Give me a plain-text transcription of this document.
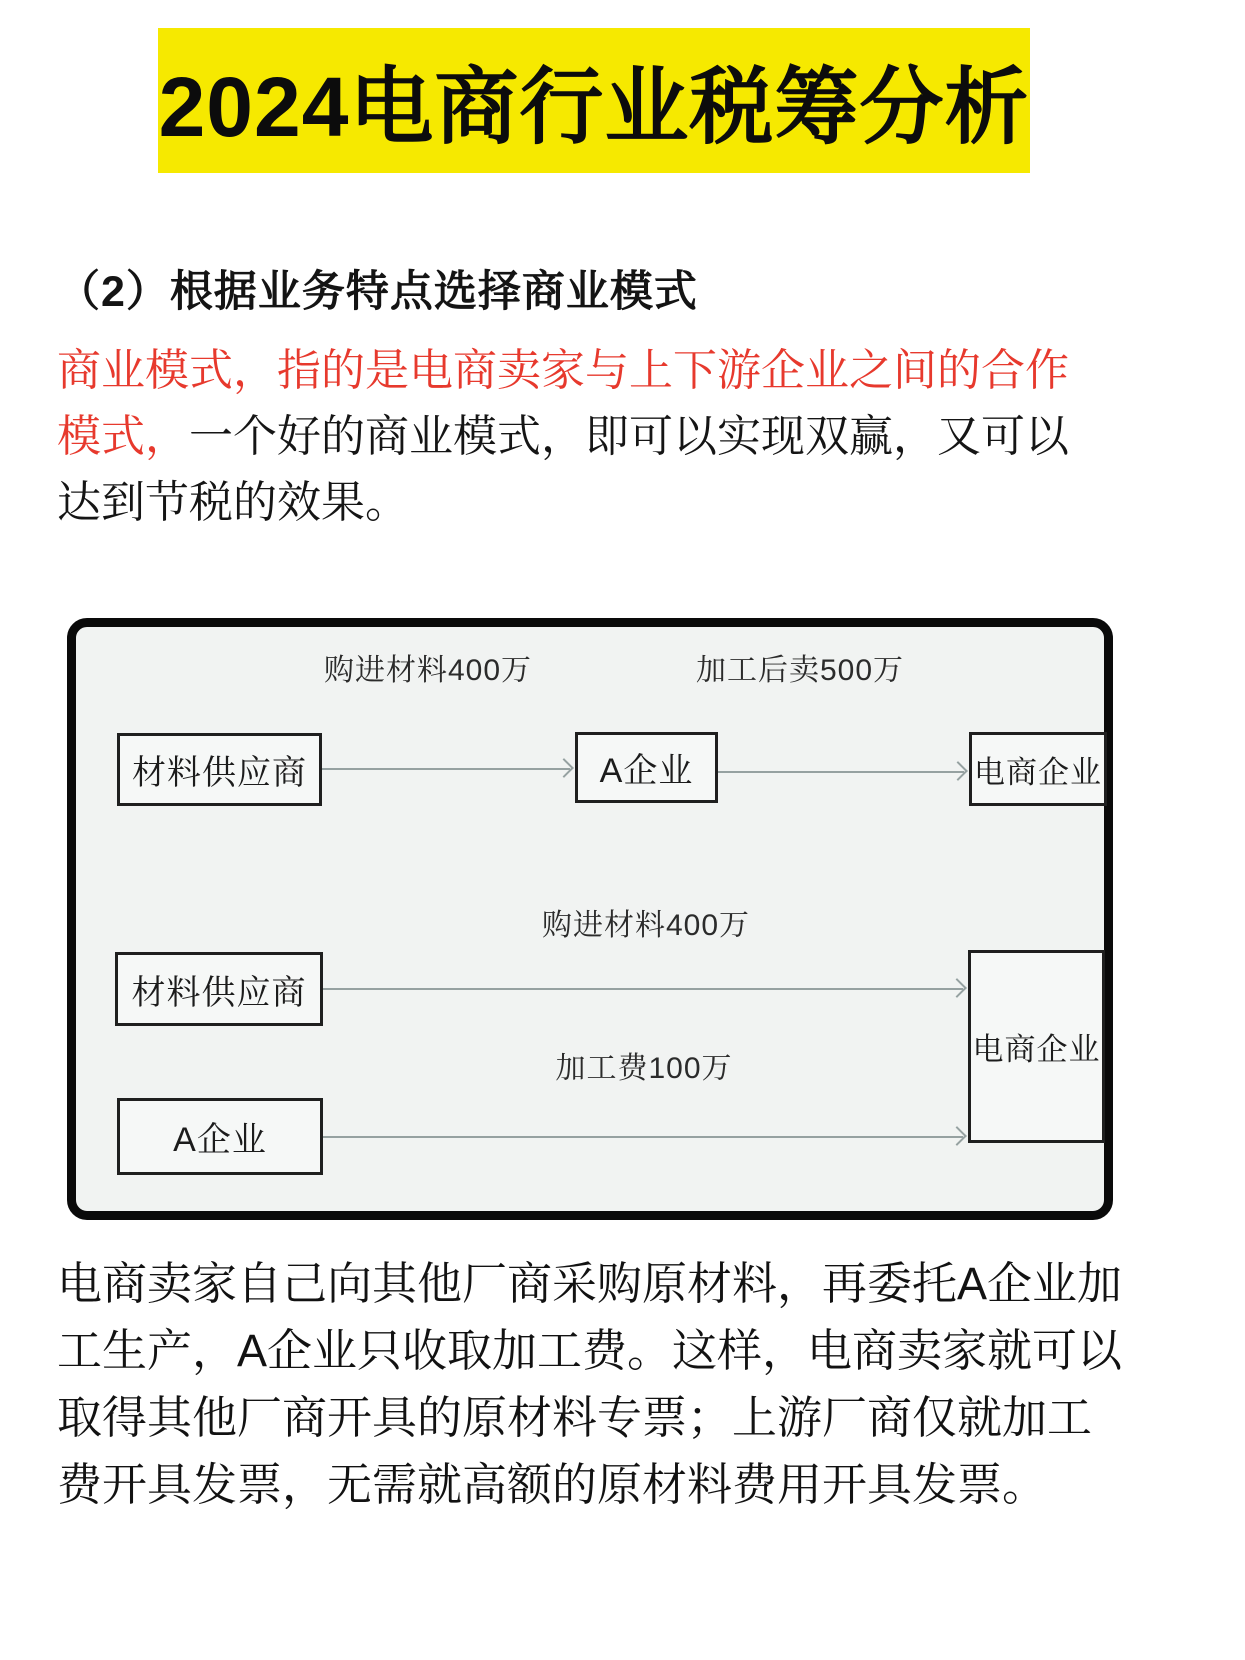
2024电商行业税筹分析
（2）根据业务特点选择商业模式
商业模式，指的是电商卖家与上下游企业之间的合作
模式，一个好的商业模式，即可以实现双赢，又可以
达到节税的效果。
购进材料400万	加工后卖500万
材料供应商	A企业	电商企业
购进材料400万
材料供应商
加工费100万
A企业
电商企业
电商卖家自己向其他厂商采购原材料，再委托A企业加
工生产，A企业只收取加工费。这样，电商卖家就可以
取得其他厂商开具的原材料专票；上游厂商仅就加工
费开具发票，无需就高额的原材料费用开具发票。
